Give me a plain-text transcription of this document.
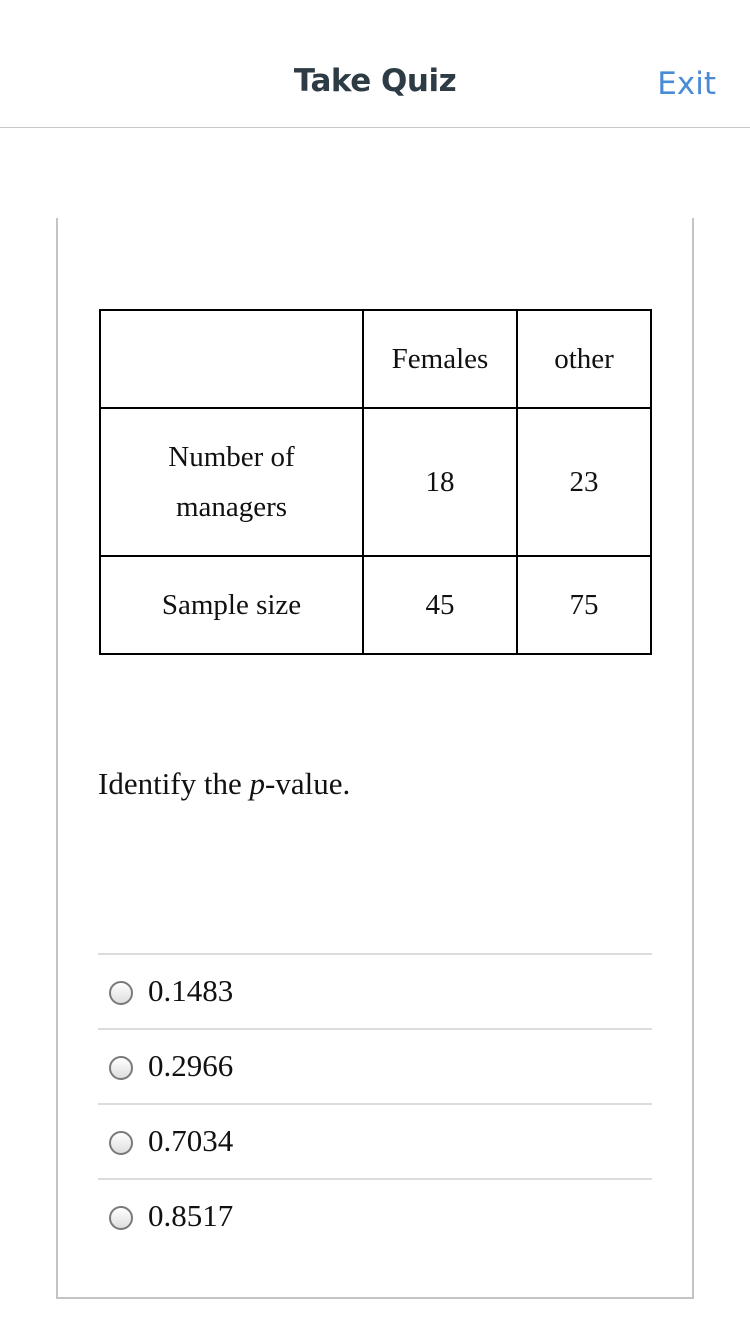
Take Quiz	Exit
	Females	other
Number of
managers	18	23
Sample size	45	75
Identify the p-value.
0.1483
0.2966
0.7034
0.8517
